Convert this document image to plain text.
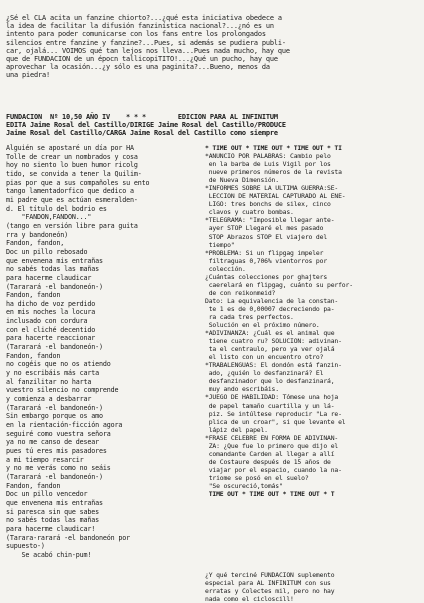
¿Sé el CLA acita un fanzine chiorto?...¿qué esta iniciativa obedece a
la idea de facilitar la difusión fanzinística nacional?...¿nó es un
intento para poder comunicarse con los fans entre los prolongados
silencios entre fanzine y fanzine?...Pues, si además se pudiera publi-
car, ojalá... VOIMOS qué tan lejos nos lleva...Pues nada mucho, hay que
que de FUNDACION de un épocn tallicopiTITO!...¿Qué un pucho, hay que
aprovechar la ocasión...¿y sólo es una paginita?...Bueno, menos da
una piedra!
FUNDACION  Nº 10,50 AÑO IV    * * *        EDICION PARA AL INFINITUM
EDITA Jaime Rosal del Castillo/DIRIGE Jaime Rosal del Castillo/PRODUCE
Jaime Rosal del Castillo/CARGA Jaime Rosal del Castillo como siempre
Alguién se apostaré un día por HA
Tolle de crear un nombrados y cosa
hoy no siento lo buen humor ricolg
tido, se convida a tener la Quilim-
pias por que a sus compañoles su ento
tango lamentadorfico que dedico a
mi padre que es actúan esmeralden-
d. El título del bodrio es
"FANDON,FANDON..."
(tango en versión libre para guita
rra y bandoneón)
Fandon, fandon,
Doc un pillo rebosado
que envenena mis entrañas
no sabés todas las mañas
para hacerme claudicar
(Tararará -el bandoneón-)
Fandon, fandon
ha dicho de voz perdido
en mis noches la locura
inclusado con cordura
con el cliché decentido
para hacerte reaccionar
(Tararará -el bandoneón-)
Fandon, fandon
no cogéis que no os atiendo
y no escribáis más carta
al fanzilitar no harta
vuestro silencio no comprende
y comienza a desbarrar
(Tararará -el bandoneón-)
Sin embargo porque os amo
en la rientación-ficción agora
seguiré como vuestra señora
ya no me canso de desear
pues tú eres mis pasadores
a mi tiempo resarcir
y no me verás como no seáis
(Tararará -el bandoneón-)
Fandon, fandon
Doc un pillo vencedor
que envenena mis entrañas
si paresca sin que sabes
no sabés todas las mañas
para hacerme claudicar!
(Tarara-rarará -el bandoneón por
supuesto-)
Se acabó chin-pum!
* TIME OUT * TIME OUT * TIME OUT * TI
*ANUNCIO POR PALABRAS: Cambio pelo
en la barba de Luis Vigil por los
nueve primeros números de la revista
de Nueva Dimensión.
*INFORMES SOBRE LA ULTIMA GUERRA:SE-
LECCION DE MATERIAL CAPTURADO AL ENE-
LIGO: tres bonchs de silex, cinco
clavos y cuatro bombas.
*TELEGRAMA: "Imposible llegar ante-
ayer STOP Llegaré el mes pasado
STOP Abrazos STOP El viajero del
tiempo"
*PROBLEMA: Si un flipgag impeler
filtraguas 0,706% vientorros por
colección.
¿Cuántas colecciones por ghajters
caerelará en flipgag, cuánto su perfor-
de con reikonmeid?
Dato: La equivalencia de la constan-
te 1 es de 0,00007 decreciendo pa-
ra cada tres perfectos.
Solución en el próximo número.
*ADIVINANZA: ¿Cuál es el animal que
tiene cuatro ru? SOLUCION: adivinan-
ta el centraulo, pero ya ver ojalá
el listo con un encuentro otro?
*TRABALENGUAS: El dondón está fanzin-
ado, ¿quién lo desfanzinará? El
desfanzinador que lo desfanzinará,
muy ando escribáis.
*JUEGO DE HABILIDAD: Tómese una hoja
de papel tamaño cuartilla y un lá-
piz. Se intúltese reproducir "La re-
plica de un croar", si que levante el
lápiz del papel.
*FRASE CELEBRE EN FORMA DE ADIVINAN-
ZA: ¿Que fue lo primero que dijo el
comandante Carden al llegar a allí
de Costaure después de 15 años de
viajar por el espacio, cuando la na-
triome se posó en el suelo?
"Se oscureció,tomás"
TIME OUT * TIME OUT * TIME OUT * T
¿Y qué terciné FUNDACION suplemento
especial para AL INFINITUM con sus
erratas y Colectes mil, pero no hay
nada como el cicloscill!
